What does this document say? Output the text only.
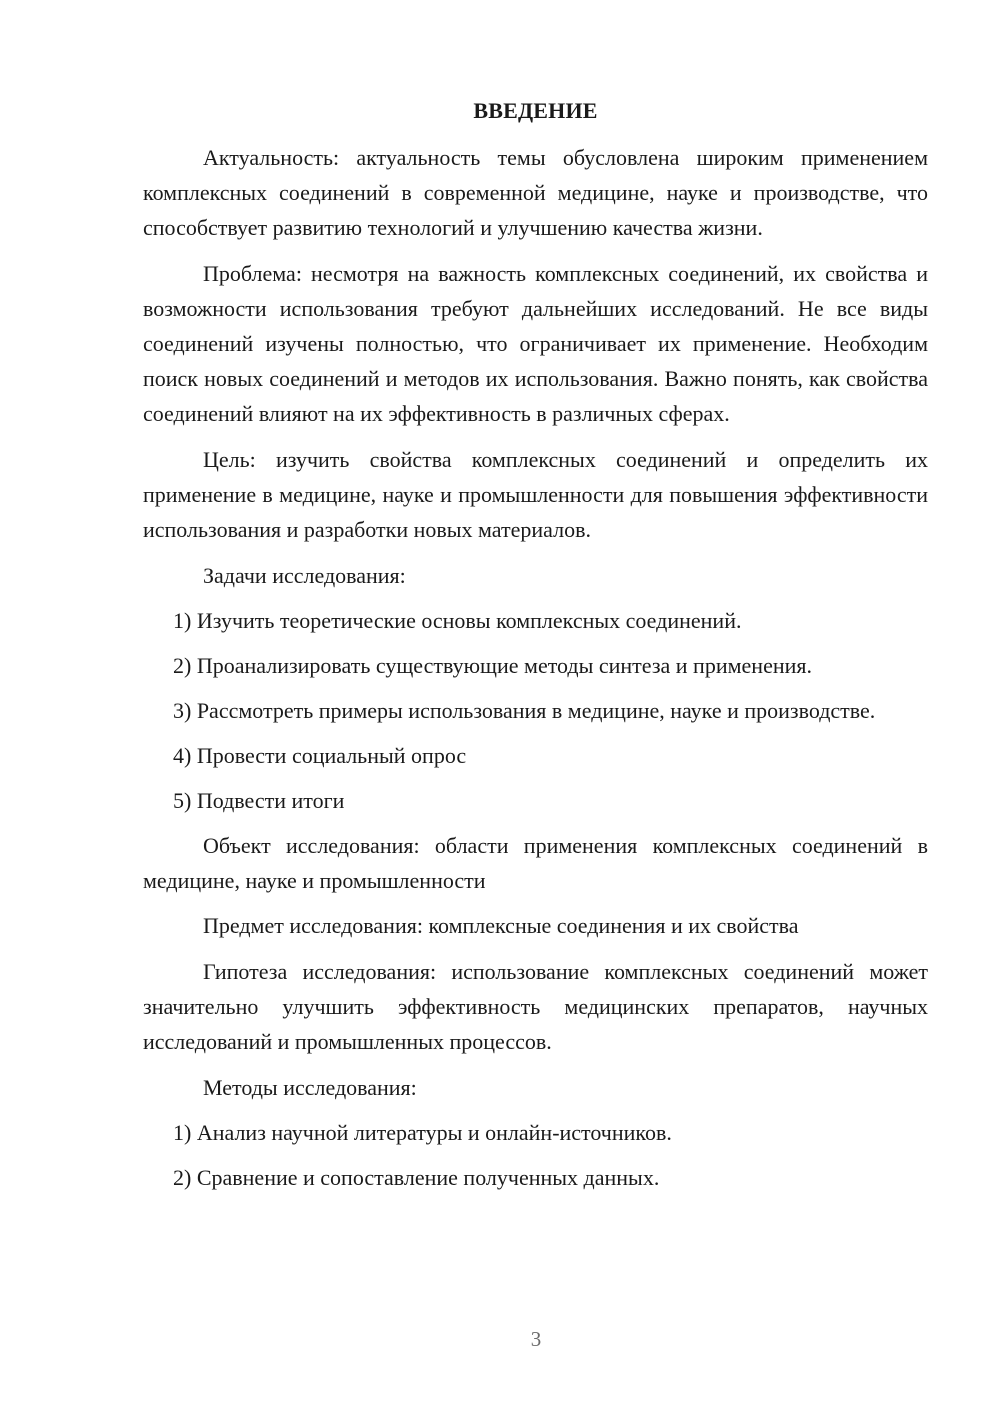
ВВЕДЕНИЕ

Актуальность: актуальность темы обусловлена широким применением комплексных соединений в современной медицине, науке и производстве, что способствует развитию технологий и улучшению качества жизни.

Проблема: несмотря на важность комплексных соединений, их свойства и возможности использования требуют дальнейших исследований. Не все виды соединений изучены полностью, что ограничивает их применение. Необходим поиск новых соединений и методов их использования. Важно понять, как свойства соединений влияют на их эффективность в различных сферах.

Цель: изучить свойства комплексных соединений и определить их применение в медицине, науке и промышленности для повышения эффективности использования и разработки новых материалов.

Задачи исследования:

1) Изучить теоретические основы комплексных соединений.

2) Проанализировать существующие методы синтеза и применения.

3) Рассмотреть примеры использования в медицине, науке и производстве.

4) Провести социальный опрос

5) Подвести итоги

Объект исследования: области применения комплексных соединений в медицине, науке и промышленности

Предмет исследования: комплексные соединения и их свойства

Гипотеза исследования: использование комплексных соединений может значительно улучшить эффективность медицинских препаратов, научных исследований и промышленных процессов.

Методы исследования:

1) Анализ научной литературы и онлайн-источников.

2) Сравнение и сопоставление полученных данных.

3
